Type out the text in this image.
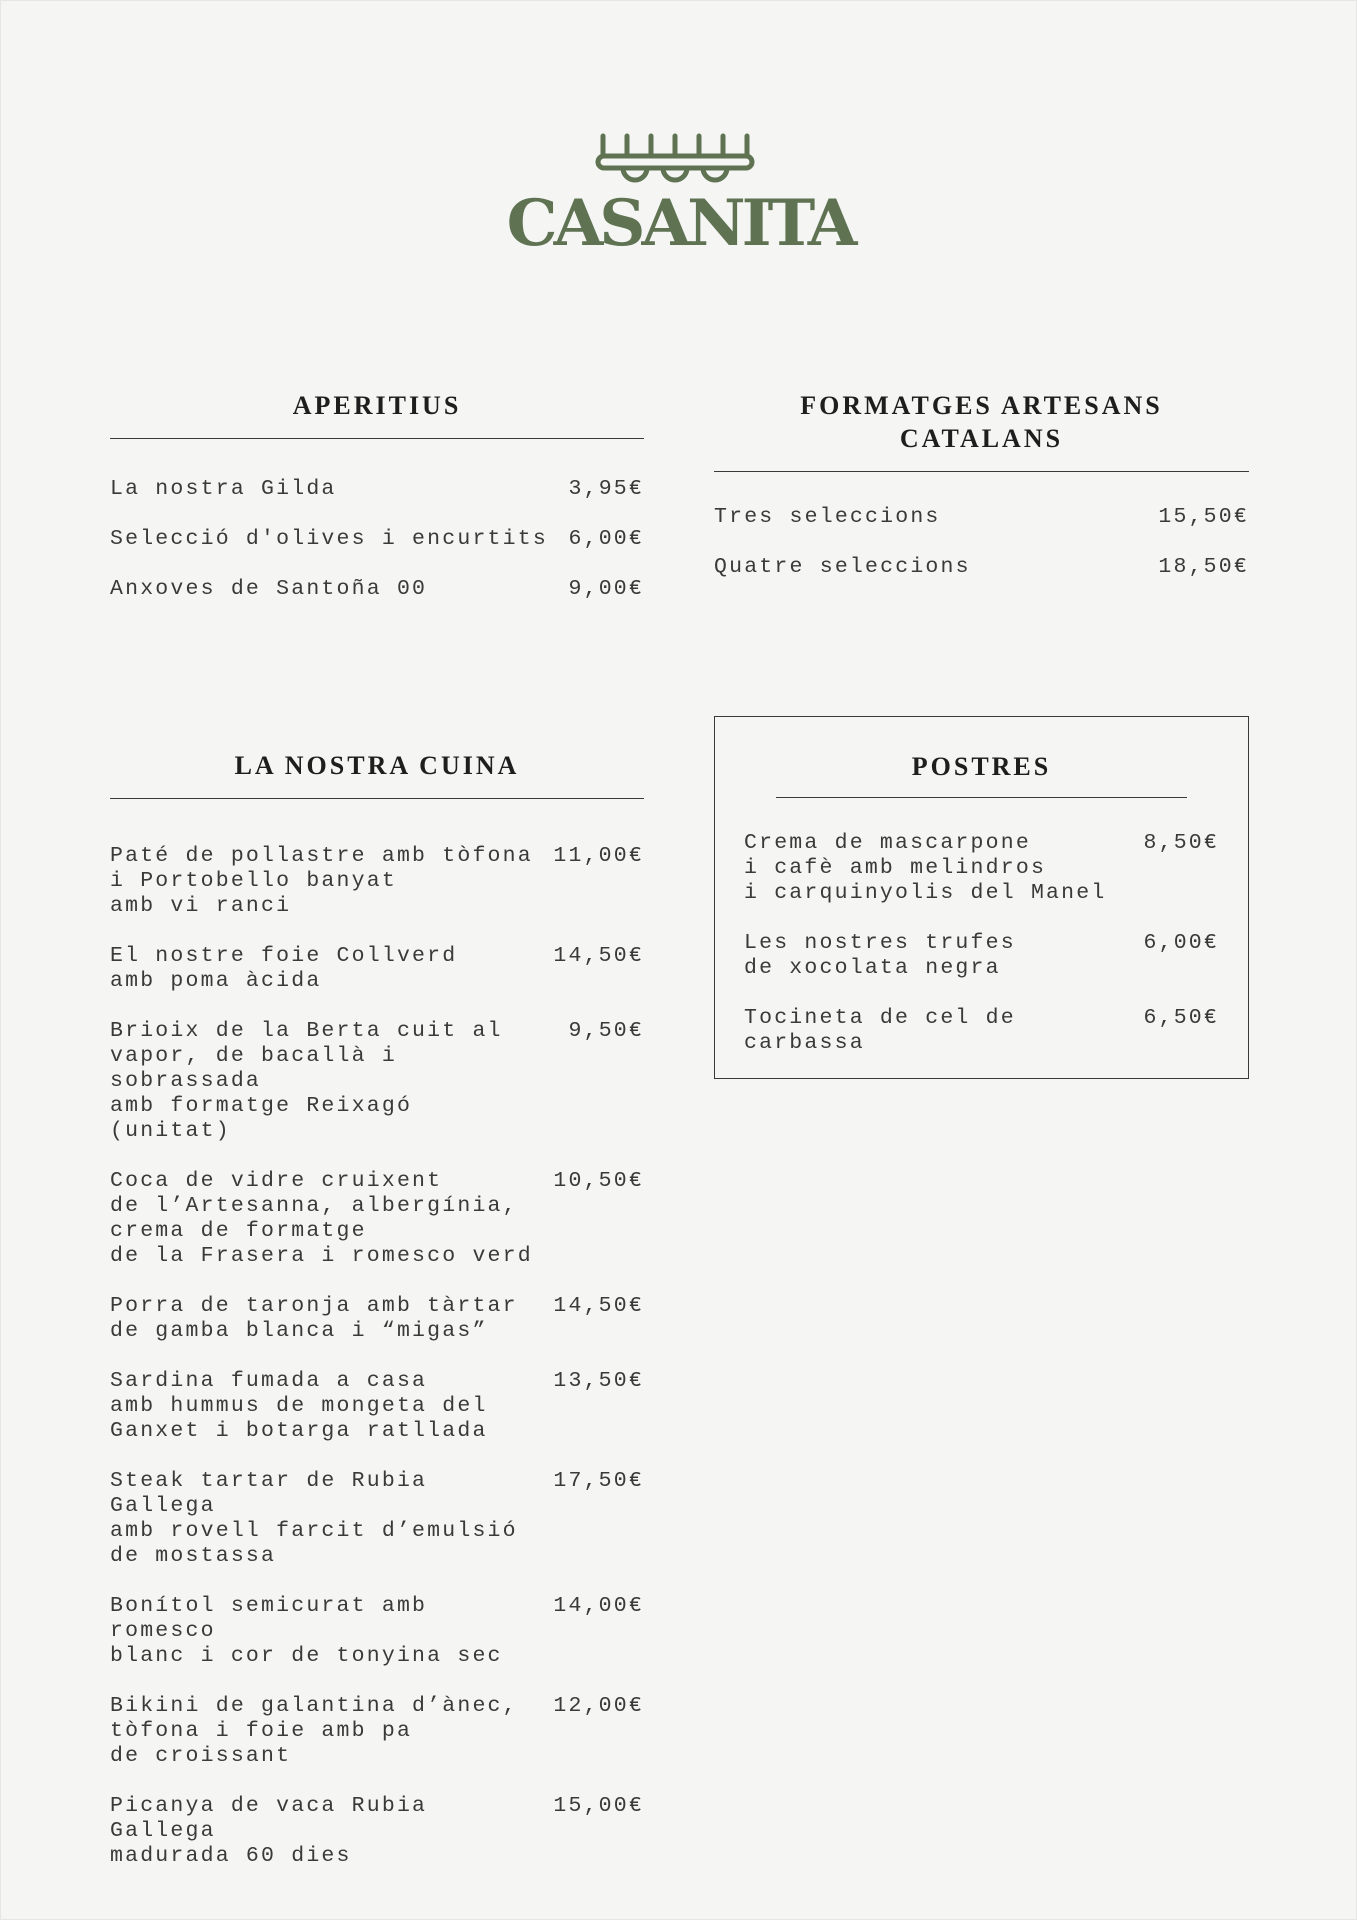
CASANITA
APERITIUS
La nostra Gilda	3,95€
Selecció d'olives i encurtits 6,00€
Anxoves de Santoña 00	9,00€
FORMATGES ARTESANS
CATALANS
Tres seleccions	15,50€
Quatre seleccions	18,50€
LA NOSTRA CUINA
Paté de pollastre amb tòfona
i Portobello banyat
amb vi ranci
11,00€
El nostre foie Collverd
amb poma àcida
14,50€
Brioix de la Berta cuit al
vapor, de bacallà i sobrassada
amb formatge Reixagó (unitat)
9,50€
Coca de vidre cruixent
de l’Artesanna, albergínia,
crema de formatge
de la Frasera i romesco verd
10,50€
Porra de taronja amb tàrtar
de gamba blanca i “migas”
14,50€
Sardina fumada a casa
amb hummus de mongeta del
Ganxet i botarga ratllada
13,50€
Steak tartar de Rubia Gallega
amb rovell farcit d’emulsió
de mostassa
17,50€
Bonítol semicurat amb romesco
blanc i cor de tonyina sec
14,00€
Bikini de galantina d’ànec,
tòfona i foie amb pa
de croissant
12,00€
Picanya de vaca Rubia Gallega
madurada 60 dies
15,00€
POSTRES
Crema de mascarpone
i cafè amb melindros
i carquinyolis del Manel
8,50€
Les nostres trufes
de xocolata negra
6,00€
Tocineta de cel de carbassa
6,50€
